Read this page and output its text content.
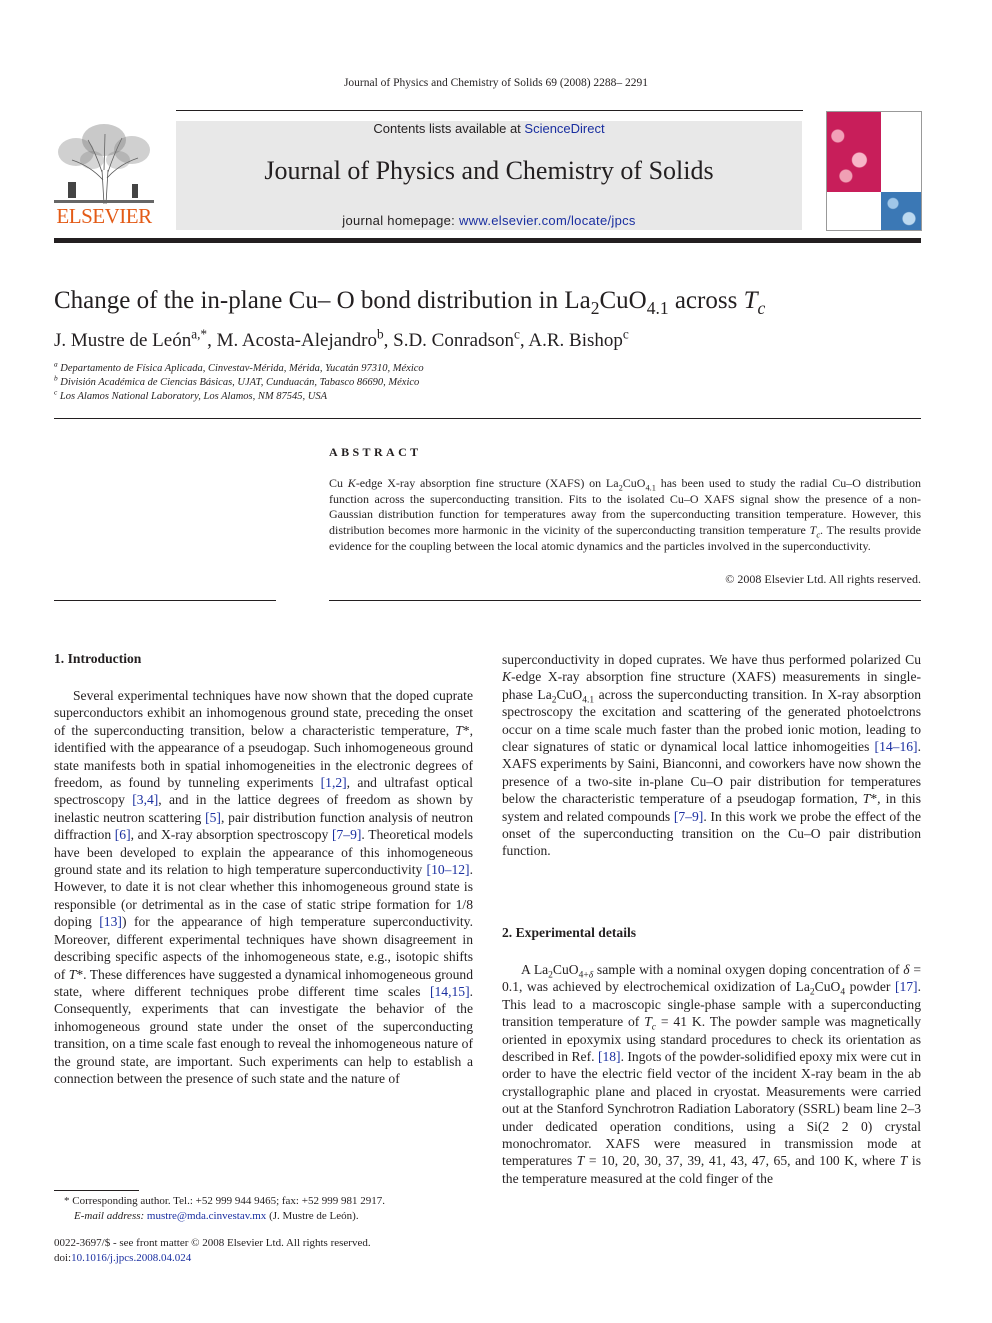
Journal of Physics and Chemistry of Solids 69 (2008) 2288– 2291
ELSEVIER
Contents lists available at ScienceDirect
Journal of Physics and Chemistry of Solids
journal homepage: www.elsevier.com/locate/jpcs
Change of the in-plane Cu– O bond distribution in $La_2CuO_{4.1}$ across $T_c$
J. Mustre de León$^{a,*}$, M. Acosta-Alejandro$^b$, S.D. Conradson$^c$, A.R. Bishop$^c$
$^a$ Departamento de Física Aplicada, Cinvestav-Mérida, Mérida, Yucatán 97310, México
$^b$ División Académica de Ciencias Básicas, UJAT, Cunduacán, Tabasco 86690, México
$^c$ Los Alamos National Laboratory, Los Alamos, NM 87545, USA
ABSTRACT
Cu K-edge X-ray absorption fine structure (XAFS) on $La_2CuO_{4.1}$ has been used to study the radial Cu–O distribution function across the superconducting transition. Fits to the isolated Cu–O XAFS signal show the presence of a non-Gaussian distribution function for temperatures away from the superconducting transition temperature. However, this distribution becomes more harmonic in the vicinity of the superconducting transition temperature $T_c$. The results provide evidence for the coupling between the local atomic dynamics and the particles involved in the superconductivity.
© 2008 Elsevier Ltd. All rights reserved.
1. Introduction

Several experimental techniques have now shown that the doped cuprate superconductors exhibit an inhomogenous ground state, preceding the onset of the superconducting transition, below a characteristic temperature, T*, identified with the appearance of a pseudogap. Such inhomogeneous ground state manifests both in spatial inhomogeneities in the electronic degrees of freedom, as found by tunneling experiments [1,2], and ultrafast optical spectroscopy [3,4], and in the lattice degrees of freedom as shown by inelastic neutron scattering [5], pair distribution function analysis of neutron diffraction [6], and X-ray absorption spectroscopy [7–9]. Theoretical models have been developed to explain the appearance of this inhomogeneous ground state and its relation to high temperature superconductivity [10–12]. However, to date it is not clear whether this inhomogeneous ground state is responsible (or detrimental as in the case of static stripe formation for 1/8 doping [13]) for the appearance of high temperature superconductivity. Moreover, different experimental techniques have shown disagreement in describing specific aspects of the inhomogeneous state, e.g., isotopic shifts of T*. These differences have suggested a dynamical inhomogeneous ground state, where different techniques probe different time scales [14,15]. Consequently, experiments that can investigate the behavior of the inhomogeneous ground state under the onset of the superconducting transition, on a time scale fast enough to reveal the inhomogeneous nature of the ground state, are important. Such experiments can help to establish a connection between the presence of such state and the nature of

* Corresponding author. Tel.: +52 999 944 9465; fax: +52 999 981 2917.
E-mail address: mustre@mda.cinvestav.mx (J. Mustre de León).
0022-3697/$ - see front matter © 2008 Elsevier Ltd. All rights reserved.
doi:10.1016/j.jpcs.2008.04.024

superconductivity in doped cuprates. We have thus performed polarized Cu K-edge X-ray absorption fine structure (XAFS) measurements in single-phase $La_2CuO_{4.1}$ across the superconducting transition. In X-ray absorption spectroscopy the excitation and scattering of the generated photoelctrons occur on a time scale much faster than the probed ionic motion, leading to clear signatures of static or dynamical local lattice inhomogeities [14–16]. XAFS experiments by Saini, Bianconni, and coworkers have now shown the presence of a two-site in-plane Cu–O pair distribution for temperatures below the characteristic temperature of a pseudogap formation, T*, in this system and related compounds [7–9]. In this work we probe the effect of the onset of the superconducting transition on the Cu–O pair distribution function.

2. Experimental details

A $La_2CuO_{4+\delta}$ sample with a nominal oxygen doping concentration of δ = 0.1, was achieved by electrochemical oxidization of $La_2CuO_4$ powder [17]. This lead to a macroscopic single-phase sample with a superconducting transition temperature of $T_c = 41$ K. The powder sample was magnetically oriented in epoxymix using standard procedures to check its orientation as described in Ref. [18]. Ingots of the powder-solidified epoxy mix were cut in order to have the electric field vector of the incident X-ray beam in the ab crystallographic plane and placed in cryostat. Measurements were carried out at the Stanford Synchrotron Radiation Laboratory (SSRL) beam line 2–3 under dedicated operation conditions, using a Si(2 2 0) crystal monochromator. XAFS were measured in transmission mode at temperatures T = 10, 20, 30, 37, 39, 41, 43, 47, 65, and 100 K, where T is the temperature measured at the cold finger of the
